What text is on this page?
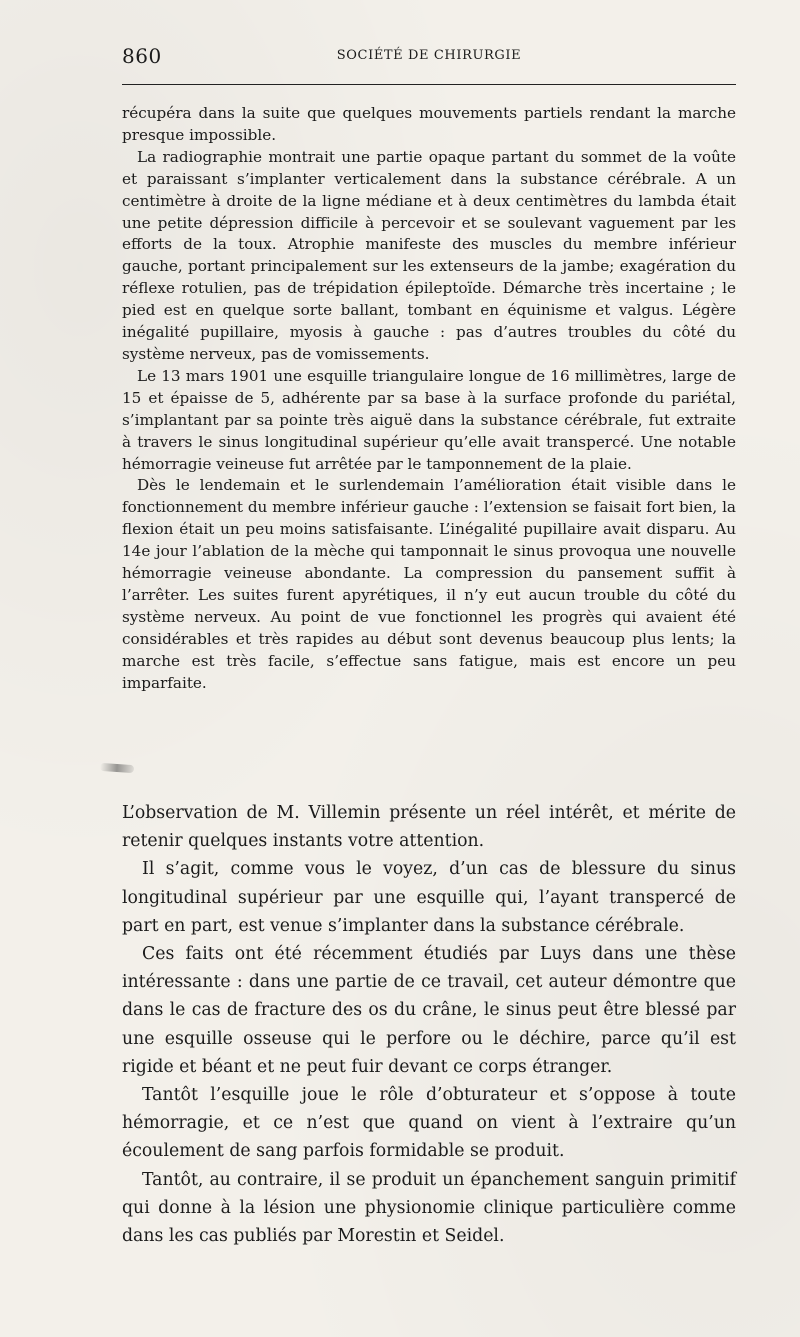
860	SOCIÉTÉ DE CHIRURGIE

récupéra dans la suite que quelques mouvements partiels rendant la marche presque impossible.

La radiographie montrait une partie opaque partant du sommet de la voûte et paraissant s’implanter verticalement dans la substance cérébrale. A un centimètre à droite de la ligne médiane et à deux centimètres du lambda était une petite dépression difficile à percevoir et se soulevant vaguement par les efforts de la toux. Atrophie manifeste des muscles du membre inférieur gauche, portant principalement sur les extenseurs de la jambe; exagération du réflexe rotulien, pas de trépidation épileptoïde. Démarche très incertaine ; le pied est en quelque sorte ballant, tombant en équinisme et valgus. Légère inégalité pupillaire, myosis à gauche : pas d’autres troubles du côté du système nerveux, pas de vomissements.

Le 13 mars 1901 une esquille triangulaire longue de 16 millimètres, large de 15 et épaisse de 5, adhérente par sa base à la surface profonde du pariétal, s’implantant par sa pointe très aiguë dans la substance cérébrale, fut extraite à travers le sinus longitudinal supérieur qu’elle avait transpercé. Une notable hémorragie veineuse fut arrêtée par le tamponnement de la plaie.

Dès le lendemain et le surlendemain l’amélioration était visible dans le fonctionnement du membre inférieur gauche : l’extension se faisait fort bien, la flexion était un peu moins satisfaisante. L’inégalité pupillaire avait disparu. Au 14e jour l’ablation de la mèche qui tamponnait le sinus provoqua une nouvelle hémorragie veineuse abondante. La compression du pansement suffit à l’arrêter. Les suites furent apyrétiques, il n’y eut aucun trouble du côté du système nerveux. Au point de vue fonctionnel les progrès qui avaient été considérables et très rapides au début sont devenus beaucoup plus lents; la marche est très facile, s’effectue sans fatigue, mais est encore un peu imparfaite.

L’observation de M. Villemin présente un réel intérêt, et mérite de retenir quelques instants votre attention.

Il s’agit, comme vous le voyez, d’un cas de blessure du sinus longitudinal supérieur par une esquille qui, l’ayant transpercé de part en part, est venue s’implanter dans la substance cérébrale.

Ces faits ont été récemment étudiés par Luys dans une thèse intéressante : dans une partie de ce travail, cet auteur démontre que dans le cas de fracture des os du crâne, le sinus peut être blessé par une esquille osseuse qui le perfore ou le déchire, parce qu’il est rigide et béant et ne peut fuir devant ce corps étranger.

Tantôt l’esquille joue le rôle d’obturateur et s’oppose à toute hémorragie, et ce n’est que quand on vient à l’extraire qu’un écoulement de sang parfois formidable se produit.

Tantôt, au contraire, il se produit un épanchement sanguin primitif qui donne à la lésion une physionomie clinique particulière comme dans les cas publiés par Morestin et Seidel.
